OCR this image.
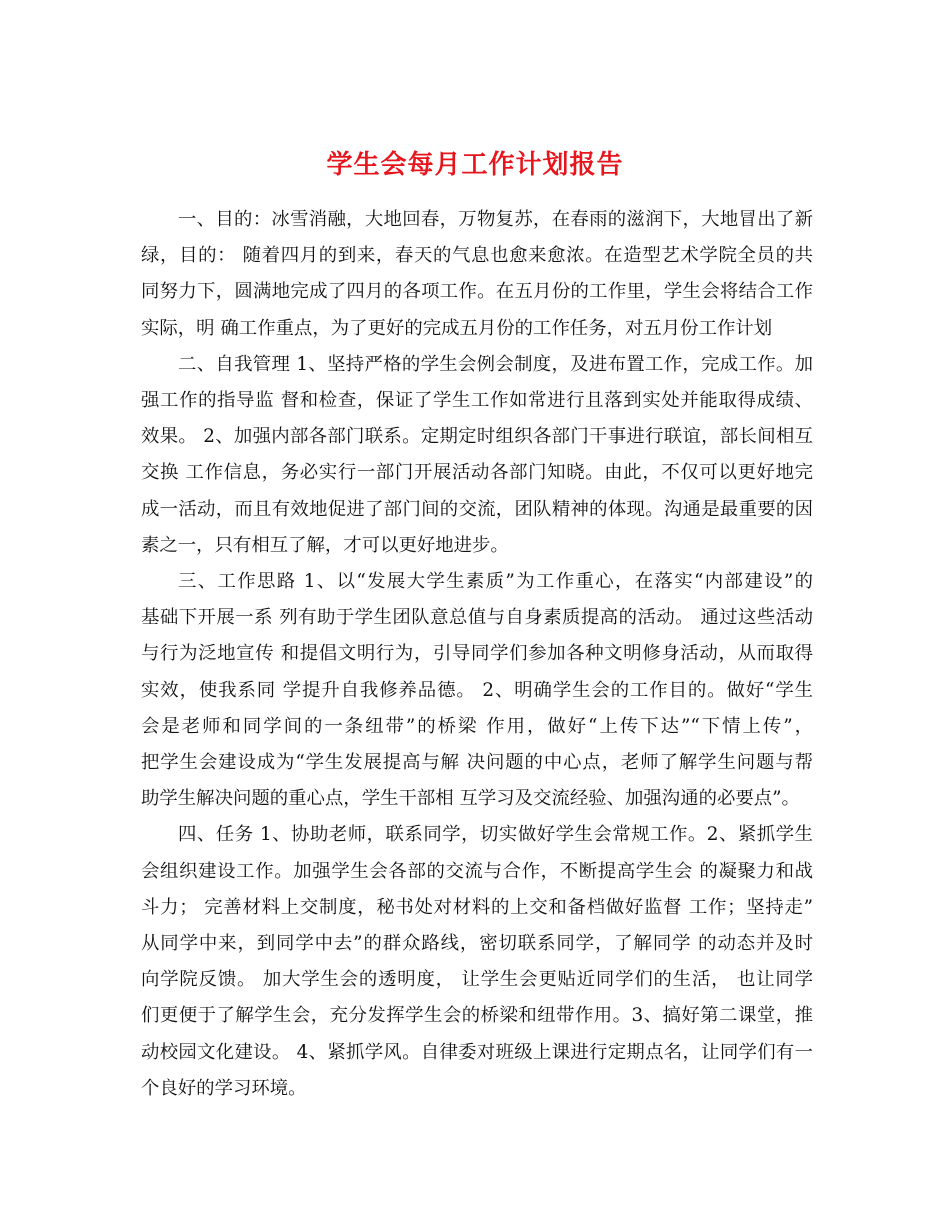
学生会每月工作计划报告

一、目的：冰雪消融，大地回春，万物复苏，在春雨的滋润下，大地冒出了新
绿，目的： 随着四月的到来，春天的气息也愈来愈浓。在造型艺术学院全员的共
同努力下，圆满地完成了四月的各项工作。在五月份的工作里，学生会将结合工作
实际，明 确工作重点，为了更好的完成五月份的工作任务，对五月份工作计划

二、自我管理 1、坚持严格的学生会例会制度，及进布置工作，完成工作。加
强工作的指导监 督和检查，保证了学生工作如常进行且落到实处并能取得成绩、
效果。 2、加强内部各部门联系。定期定时组织各部门干事进行联谊，部长间相互
交换 工作信息，务必实行一部门开展活动各部门知晓。由此，不仅可以更好地完
成一活动，而且有效地促进了部门间的交流，团队精神的体现。沟通是最重要的因
素之一，只有相互了解，才可以更好地进步。

三、工作思路 1、以“发展大学生素质”为工作重心，在落实“内部建设”的
基础下开展一系 列有助于学生团队意总值与自身素质提高的活动。 通过这些活动
与行为泛地宣传 和提倡文明行为，引导同学们参加各种文明修身活动，从而取得
实效，使我系同 学提升自我修养品德。 2、明确学生会的工作目的。做好“学生
会是老师和同学间的一条纽带”的桥梁 作用，做好“上传下达”“下情上传”，
把学生会建设成为“学生发展提高与解 决问题的中心点，老师了解学生问题与帮
助学生解决问题的重心点，学生干部相 互学习及交流经验、加强沟通的必要点”。

四、任务 1、协助老师，联系同学，切实做好学生会常规工作。2、紧抓学生
会组织建设工作。加强学生会各部的交流与合作，不断提高学生会 的凝聚力和战
斗力； 完善材料上交制度，秘书处对材料的上交和备档做好监督 工作；坚持走”
从同学中来，到同学中去”的群众路线，密切联系同学，了解同学 的动态并及时
向学院反馈。 加大学生会的透明度， 让学生会更贴近同学们的生活， 也让同学
们更便于了解学生会，充分发挥学生会的桥梁和纽带作用。3、搞好第二课堂，推
动校园文化建设。 4、紧抓学风。自律委对班级上课进行定期点名，让同学们有一
个良好的学习环境。
